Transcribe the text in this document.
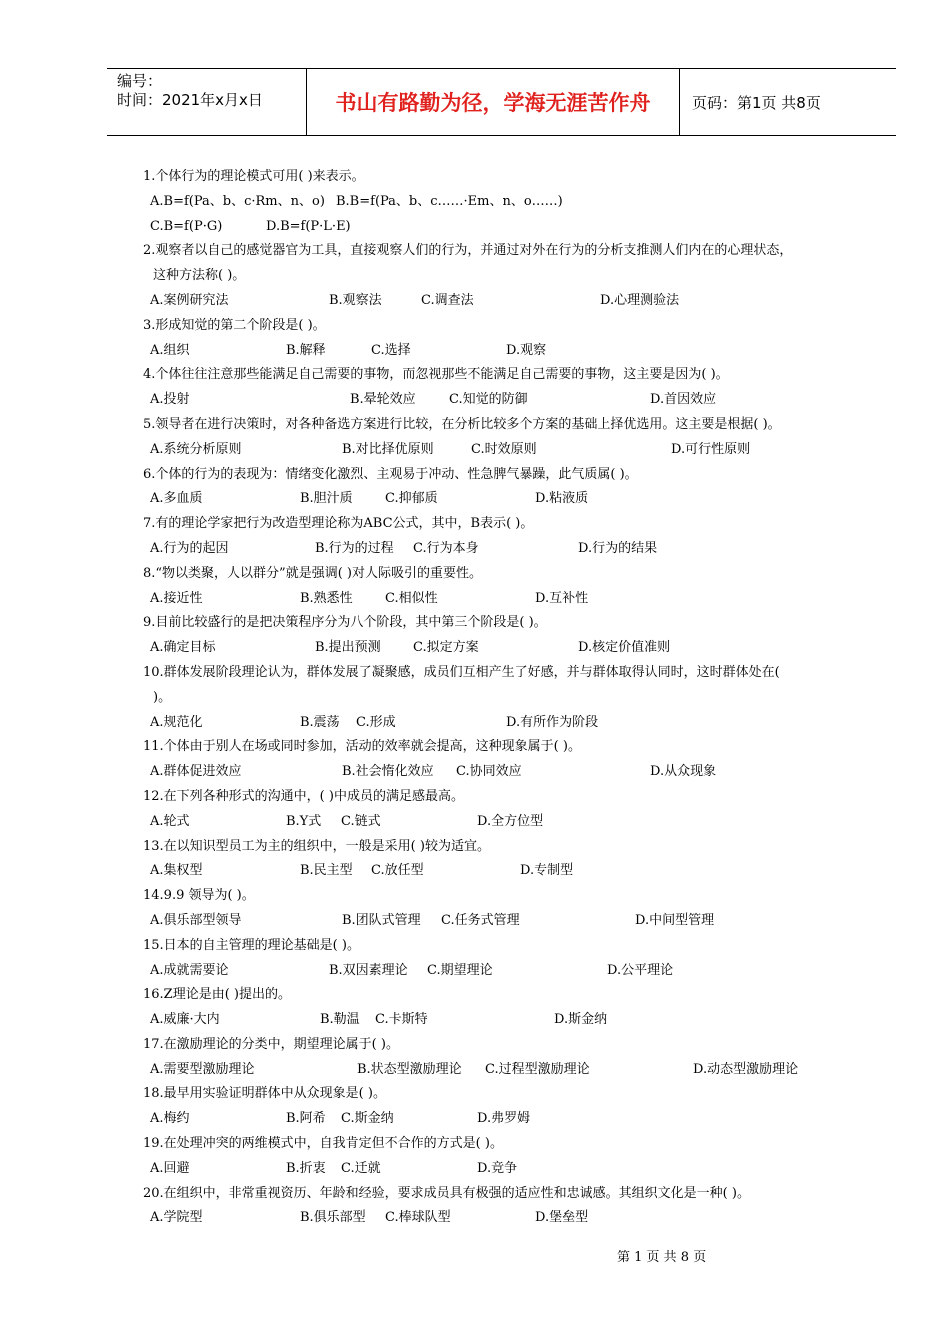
编号：
时间：2021年x月x日	书山有路勤为径，学海无涯苦作舟	页码：第1页 共8页
1.个体行为的理论模式可用( )来表示。
A.B=f(Pa、b、c·Rm、n、o) B.B=f(Pa、b、c……·Em、n、o……)
C.B=f(P·G)	D.B=f(P·L·E)
2.观察者以自己的感觉器官为工具，直接观察人们的行为，并通过对外在行为的分析支推测人们内在的心理状态，
这种方法称( )。
A.案例研究法	B.观察法	C.调查法	D.心理测验法
3.形成知觉的第二个阶段是( )。
A.组织	B.解释	C.选择	D.观察
4.个体往往注意那些能满足自己需要的事物，而忽视那些不能满足自己需要的事物，这主要是因为( )。
A.投射	B.晕轮效应	C.知觉的防御	D.首因效应
5.领导者在进行决策时，对各种备选方案进行比较，在分析比较多个方案的基础上择优选用。这主要是根据( )。
A.系统分析原则	B.对比择优原则	C.时效原则	D.可行性原则
6.个体的行为的表现为：情绪变化激烈、主观易于冲动、性急脾气暴躁，此气质属( )。
A.多血质	B.胆汁质 C.抑郁质	D.粘液质
7.有的理论学家把行为改造型理论称为ABC公式，其中，B表示( )。
A.行为的起因	B.行为的过程 C.行为本身	D.行为的结果
8.“物以类聚，人以群分”就是强调( )对人际吸引的重要性。
A.接近性	B.熟悉性 C.相似性	D.互补性
9.目前比较盛行的是把决策程序分为八个阶段，其中第三个阶段是( )。
A.确定目标	B.提出预测 C.拟定方案	D.核定价值准则
10.群体发展阶段理论认为，群体发展了凝聚感，成员们互相产生了好感，并与群体取得认同时，这时群体处在(
)。
A.规范化	B.震荡 C.形成	D.有所作为阶段
11.个体由于别人在场或同时参加，活动的效率就会提高，这种现象属于( )。
A.群体促进效应	B.社会惰化效应 C.协同效应	D.从众现象
12.在下列各种形式的沟通中，( )中成员的满足感最高。
A.轮式	B.Y式 C.链式	D.全方位型
13.在以知识型员工为主的组织中，一般是采用( )较为适宜。
A.集权型	B.民主型 C.放任型	D.专制型
14.9.9 领导为( )。
A.俱乐部型领导	B.团队式管理 C.任务式管理	D.中间型管理
15.日本的自主管理的理论基础是( )。
A.成就需要论	B.双因素理论 C.期望理论	D.公平理论
16.Z理论是由( )提出的。
A.威廉·大内	B.勒温 C.卡斯特	D.斯金纳
17.在激励理论的分类中，期望理论属于( )。
A.需要型激励理论	B.状态型激励理论 C.过程型激励理论	D.动态型激励理论
18.最早用实验证明群体中从众现象是( )。
A.梅约	B.阿希 C.斯金纳	D.弗罗姆
19.在处理冲突的两维模式中，自我肯定但不合作的方式是( )。
A.回避	B.折衷 C.迁就	D.竞争
20.在组织中，非常重视资历、年龄和经验，要求成员具有极强的适应性和忠诚感。其组织文化是一种( )。
A.学院型	B.俱乐部型 C.棒球队型	D.堡垒型
第 1 页 共 8 页
